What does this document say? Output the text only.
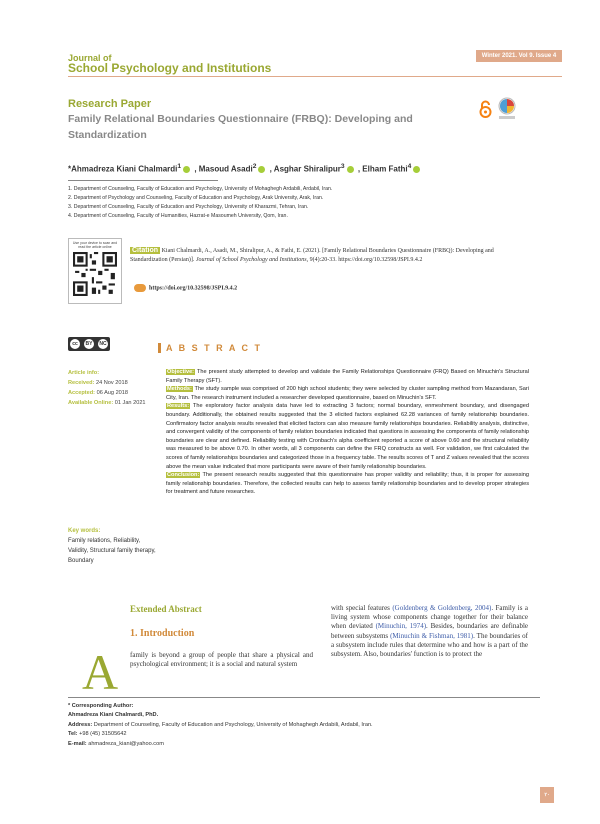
Journal of
School Psychology and Institutions
Winter 2021. Vol 9. Issue 4
Research Paper
Family Relational Boundaries Questionnaire (FRBQ): Developing and Standardization
*Ahmadreza Kiani Chalmardi$^1$ , Masoud Asadi$^2$ , Asghar Shiralipur$^3$ , Elham Fathi$^4$
1. Department of Counseling, Faculty of Education and Psychology, University of Mohaghegh Ardabili, Ardabil, Iran.
2. Department of Psychology and Counseling, Faculty of Education and Psychology, Arak University, Arak, Iran.
3. Department of Counseling, Faculty of Education and Psychology, University of Kharazmi, Tehran, Iran.
4. Department of Counseling, Faculty of Humanities, Hazrat-e Masoumeh University, Qom, Iran.
Use your device to scan and read the article online	Citation Kiani Chalmardi, A., Asadi, M., Shiralipur, A., & Fathi, E. (2021). [Family Relational Boundaries Questionnaire (FRBQ): Developing and Standardization (Persian)]. Journal of School Psychology and Institutions, 9(4):20-33. https://doi.org/10.32598/JSPI.9.4.2
https://doi.org/10.32598/JSPI.9.4.2
cc	BY	NC	A B S T R A C T
Article info:
Received: 24 Nov 2018
Accepted: 06 Aug 2018
Available Online: 01 Jan 2021
Key words:
Family relations, Reliability, Validity, Structural family therapy, Boundary
Objective: The present study attempted to develop and validate the Family Relationships Questionnaire (FRQ) Based on Minuchin's Structural Family Therapy (SFT).
Methods: The study sample was comprised of 200 high school students; they were selected by cluster sampling method from Mazandaran, Sari City, Iran. The research instrument included a researcher developed questionnaire, based on Minuchin's SFT.
Results: The exploratory factor analysis data have led to extracting 3 factors; normal boundary, enmeshment boundary, and disengaged boundary. Additionally, the obtained results suggested that the 3 elicited factors explained 62.28 variances of family relationship boundaries. Confirmatory factor analysis results revealed that elicited factors can also measure family relationships boundaries. Reliability analysis, distinctive, and convergent validity of the components of family relation boundaries indicated that questions in assessing the components of family relationship boundaries are clear and defined. Reliability testing with Cronbach's alpha coefficient reported a score of above 0.60 and the structural reliability was measured to be above 0.70. In other words, all 3 components can define the FRQ constructs as well. For validation, we first calculated the scores of family relationships boundaries and categorized those in a frequency table. The results scores of T and Z values revealed that the scores above the mean value indicated that more participants were aware of their family relationship boundaries.
Conclusion: The present research results suggested that this questionnaire has proper validity and reliability; thus, it is proper for assessing family relationship boundaries. Therefore, the collected results can help to assess family relationship boundaries and to develop proper strategies for treatment and future researches.
Extended Abstract
1. Introduction
A family is beyond a group of people that share a physical and psychological environment; it is a social and natural system
with special features (Goldenberg & Goldenberg, 2004). Family is a living system whose components change together for their balance when deviated (Minuchin, 1974). Besides, boundaries are definable between subsystems (Minuchin & Fishman, 1981). The boundaries of a subsystem include rules that determine who and how is a part of the subsystem. Also, boundaries' function is to protect the
* Corresponding Author:
Ahmadreza Kiani Chalmardi, PhD.
Address: Department of Counseling, Faculty of Education and Psychology, University of Mohaghegh Ardabili, Ardabil, Iran.
Tel: +98 (45) 31505642
E-mail: ahmadreza_kiani@yahoo.com
۲۰
